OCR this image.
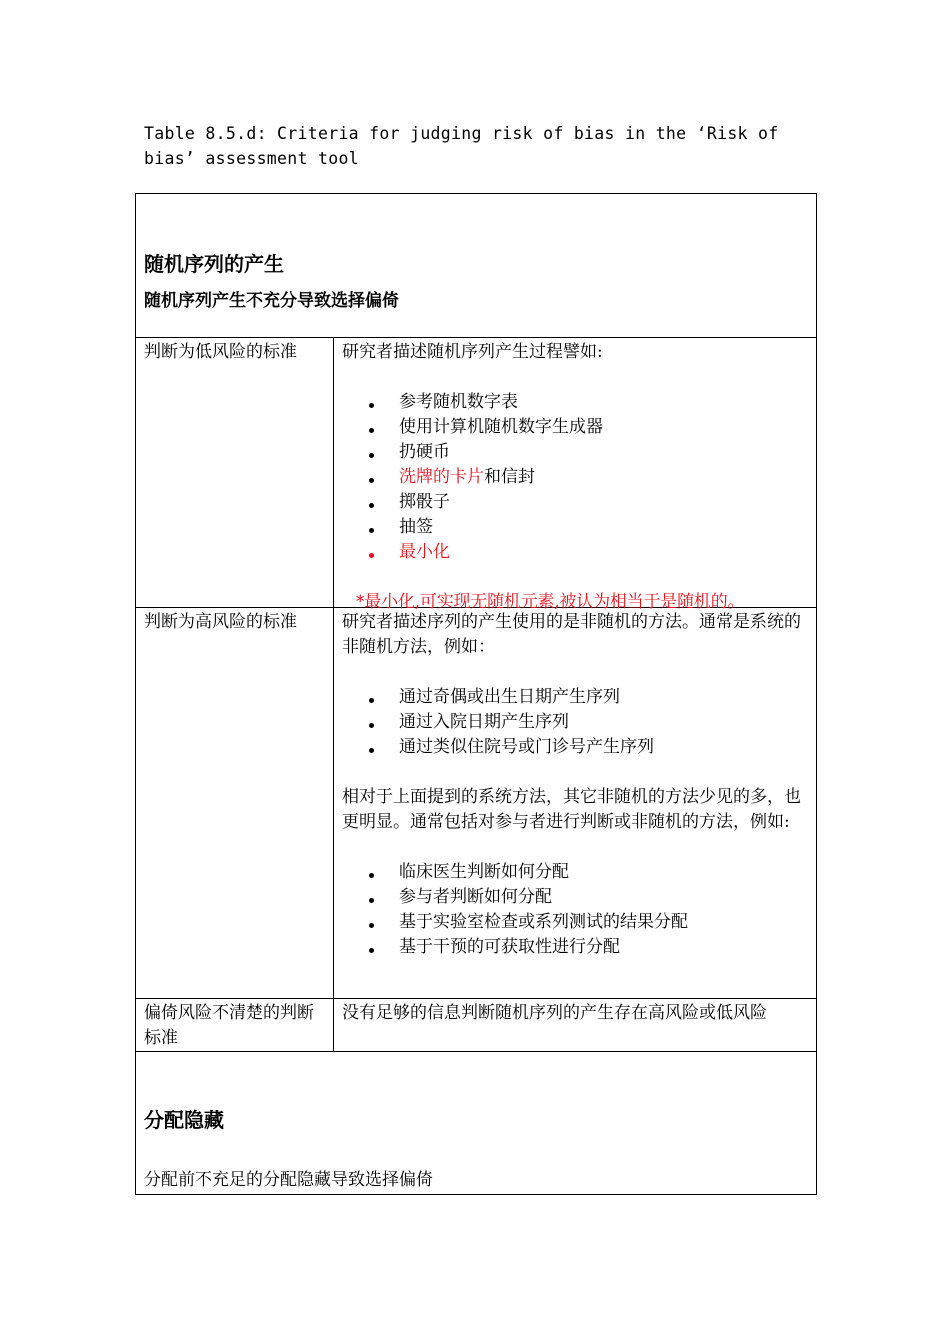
Table 8.5.d: Criteria for judging risk of bias in the ‘Risk of bias’ assessment tool
随机序列的产生
随机序列产生不充分导致选择偏倚
判断为低风险的标准	研究者描述随机序列产生过程譬如:
参考随机数字表
使用计算机随机数字生成器
扔硬币
洗牌的卡片和信封
掷骰子
抽签
最小化
*最小化,可实现无随机元素,被认为相当于是随机的。
判断为高风险的标准	研究者描述序列的产生使用的是非随机的方法。通常是系统的非随机方法，例如：

通过奇偶或出生日期产生序列
通过入院日期产生序列
通过类似住院号或门诊号产生序列

相对于上面提到的系统方法，其它非随机的方法少见的多，也更明显。通常包括对参与者进行判断或非随机的方法，例如:

临床医生判断如何分配
参与者判断如何分配
基于实验室检查或系列测试的结果分配
基于干预的可获取性进行分配
偏倚风险不清楚的判断标准
没有足够的信息判断随机序列的产生存在高风险或低风险
分配隐藏
分配前不充足的分配隐藏导致选择偏倚
